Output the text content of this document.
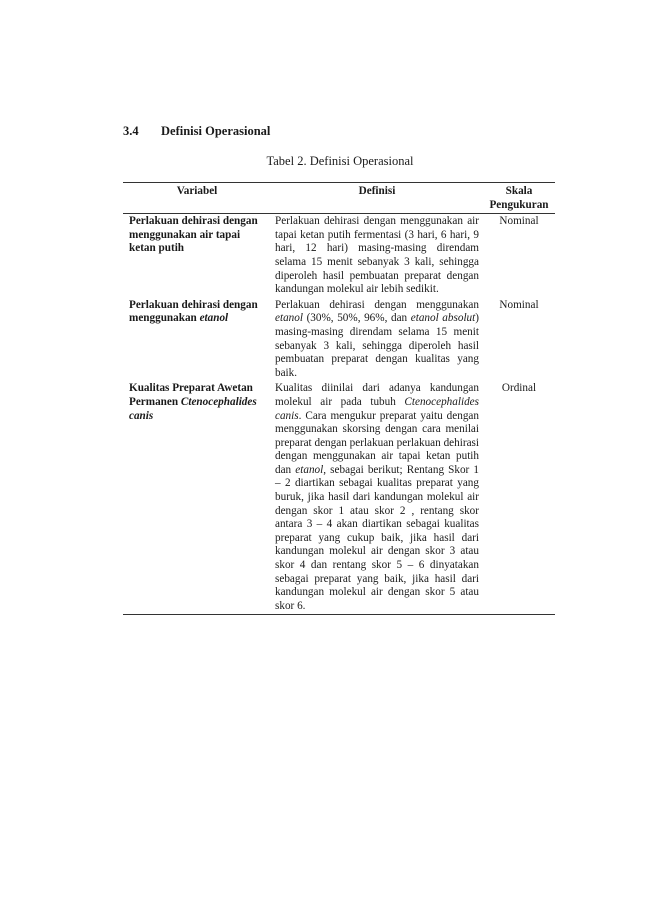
3.4 Definisi Operasional
Tabel 2. Definisi Operasional
Variabel	Definisi	Skala
Pengukuran
Perlakuan dehirasi dengan menggunakan air tapai ketan putih	Perlakuan dehirasi dengan menggunakan air tapai ketan putih fermentasi (3 hari, 6 hari, 9 hari, 12 hari) masing-masing direndam selama 15 menit sebanyak 3 kali, sehingga diperoleh hasil pembuatan preparat dengan kandungan molekul air lebih sedikit.	Nominal
Perlakuan dehirasi dengan menggunakan etanol	Perlakuan dehirasi dengan menggunakan etanol (30%, 50%, 96%, dan etanol absolut) masing-masing direndam selama 15 menit sebanyak 3 kali, sehingga diperoleh hasil pembuatan preparat dengan kualitas yang baik.	Nominal
Kualitas Preparat Awetan Permanen Ctenocephalides canis	Kualitas diinilai dari adanya kandungan molekul air pada tubuh Ctenocephalides canis. Cara mengukur preparat yaitu dengan menggunakan skorsing dengan cara menilai preparat dengan perlakuan perlakuan dehirasi dengan menggunakan air tapai ketan putih dan etanol, sebagai berikut; Rentang Skor 1 – 2 diartikan sebagai kualitas preparat yang buruk, jika hasil dari kandungan molekul air dengan skor 1 atau skor 2 , rentang skor antara 3 – 4 akan diartikan sebagai kualitas preparat yang cukup baik, jika hasil dari kandungan molekul air dengan skor 3 atau skor 4 dan rentang skor 5 – 6 dinyatakan sebagai preparat yang baik, jika hasil dari kandungan molekul air dengan skor 5 atau skor 6.	Ordinal
